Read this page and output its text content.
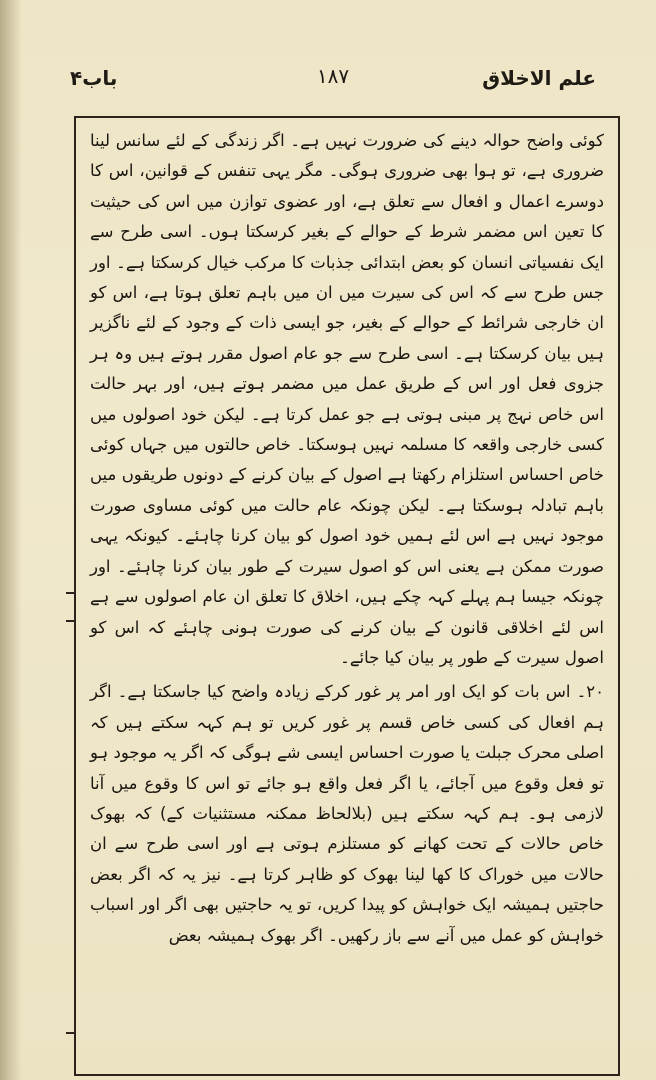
علم الاخلاق
۱۸۷
باب۴

کوئی واضح حوالہ دینے کی ضرورت نہیں ہے۔ اگر زندگی کے لئے سانس لینا ضروری ہے، تو ہوا بھی ضروری ہوگی۔ مگر یہی تنفس کے قوانین، اس کا دوسرے اعمال و افعال سے تعلق ہے، اور عضوی توازن میں اس کی حیثیت کا تعین اس مضمر شرط کے حوالے کے بغیر کرسکتا ہوں۔ اسی طرح سے ایک نفسیاتی انسان کو بعض ابتدائی جذبات کا مرکب خیال کرسکتا ہے۔ اور جس طرح سے کہ اس کی سیرت میں ان میں باہم تعلق ہوتا ہے، اس کو ان خارجی شرائط کے حوالے کے بغیر، جو ایسی ذات کے وجود کے لئے ناگزیر ہیں بیان کرسکتا ہے۔ اسی طرح سے جو عام اصول مقرر ہوتے ہیں وہ ہر جزوی فعل اور اس کے طریق عمل میں مضمر ہوتے ہیں، اور بہر حالت اس خاص نہج پر مبنی ہوتی ہے جو عمل کرتا ہے۔ لیکن خود اصولوں میں کسی خارجی واقعہ کا مسلمہ نہیں ہوسکتا۔ خاص حالتوں میں جہاں کوئی خاص احساس استلزام رکھتا ہے اصول کے بیان کرنے کے دونوں طریقوں میں باہم تبادلہ ہوسکتا ہے۔ لیکن چونکہ عام حالت میں کوئی مساوی صورت موجود نہیں ہے اس لئے ہمیں خود اصول کو بیان کرنا چاہئے۔ کیونکہ یہی صورت ممکن ہے یعنی اس کو اصول سیرت کے طور بیان کرنا چاہئے۔ اور چونکہ جیسا ہم پہلے کہہ چکے ہیں، اخلاق کا تعلق ان عام اصولوں سے ہے اس لئے اخلاقی قانون کے بیان کرنے کی صورت ہونی چاہئے کہ اس کو اصول سیرت کے طور پر بیان کیا جائے۔

۲۰۔ اس بات کو ایک اور امر پر غور کرکے زیادہ واضح کیا جاسکتا ہے۔ اگر ہم افعال کی کسی خاص قسم پر غور کریں تو ہم کہہ سکتے ہیں کہ اصلی محرک جبلت یا صورت احساس ایسی شے ہوگی کہ اگر یہ موجود ہو تو فعل وقوع میں آجائے، یا اگر فعل واقع ہو جائے تو اس کا وقوع میں آنا لازمی ہو۔ ہم کہہ سکتے ہیں (بلالحاظ ممکنہ مستثنیات کے) کہ بھوک خاص حالات کے تحت کھانے کو مستلزم ہوتی ہے اور اسی طرح سے ان حالات میں خوراک کا کھا لینا بھوک کو ظاہر کرتا ہے۔ نیز یہ کہ اگر بعض حاجتیں ہمیشہ ایک خواہش کو پیدا کریں، تو یہ حاجتیں بھی اگر اور اسباب خواہش کو عمل میں آنے سے باز رکھیں۔ اگر بھوک ہمیشہ بعض
